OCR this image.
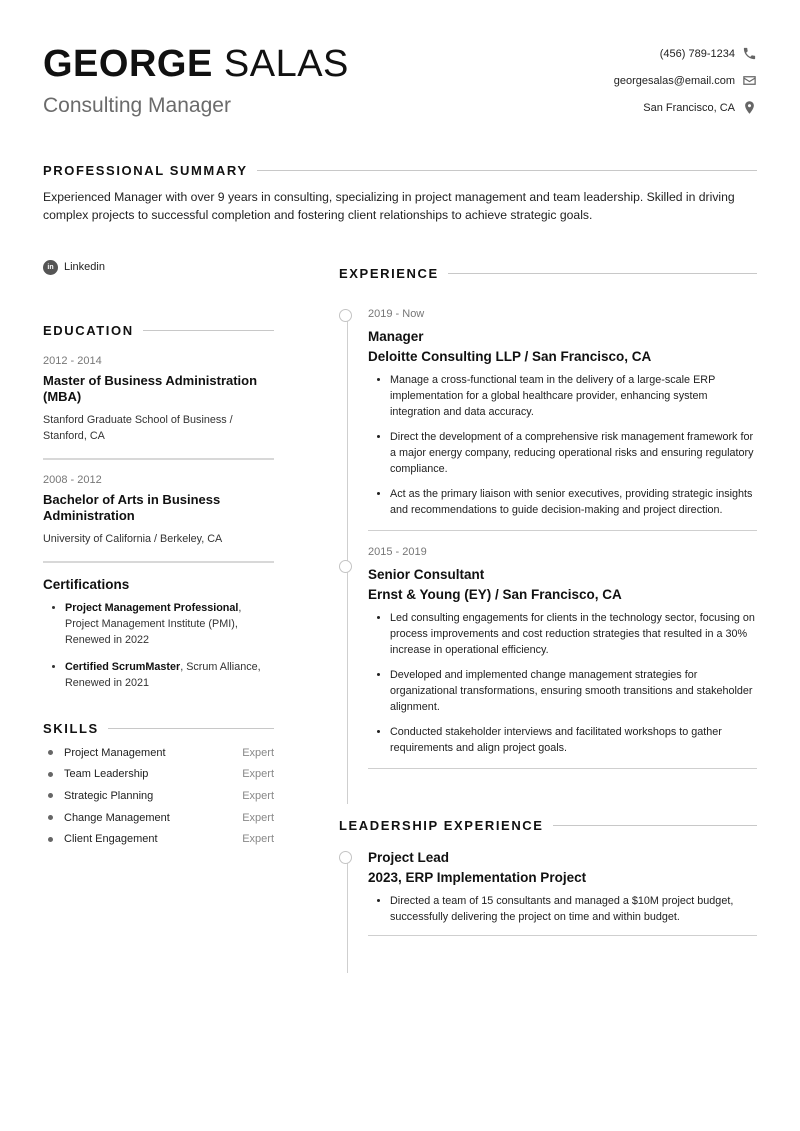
GEORGE SALAS
Consulting Manager
(456) 789-1234
georgesalas@email.com
San Francisco, CA
PROFESSIONAL SUMMARY

Experienced Manager with over 9 years in consulting, specializing in project management and team leadership. Skilled in driving complex projects to successful completion and fostering client relationships to achieve strategic goals.

in Linkedin
EDUCATION
2012 - 2014
Master of Business Administration (MBA)
Stanford Graduate School of Business / Stanford, CA
2008 - 2012
Bachelor of Arts in Business Administration
University of California / Berkeley, CA
Certifications
• Project Management Professional, Project Management Institute (PMI), Renewed in 2022
• Certified ScrumMaster, Scrum Alliance, Renewed in 2021
SKILLS
Project Management	Expert
Team Leadership	Expert
Strategic Planning	Expert
Change Management	Expert
Client Engagement	Expert
EXPERIENCE
2019 - Now
Manager
Deloitte Consulting LLP / San Francisco, CA
• Manage a cross-functional team in the delivery of a large-scale ERP implementation for a global healthcare provider, enhancing system integration and data accuracy.
• Direct the development of a comprehensive risk management framework for a major energy company, reducing operational risks and ensuring regulatory compliance.
• Act as the primary liaison with senior executives, providing strategic insights and recommendations to guide decision-making and project direction.
2015 - 2019
Senior Consultant
Ernst & Young (EY) / San Francisco, CA
• Led consulting engagements for clients in the technology sector, focusing on process improvements and cost reduction strategies that resulted in a 30% increase in operational efficiency.
• Developed and implemented change management strategies for organizational transformations, ensuring smooth transitions and stakeholder alignment.
• Conducted stakeholder interviews and facilitated workshops to gather requirements and align project goals.
LEADERSHIP EXPERIENCE
Project Lead
2023, ERP Implementation Project
• Directed a team of 15 consultants and managed a $10M project budget, successfully delivering the project on time and within budget.
